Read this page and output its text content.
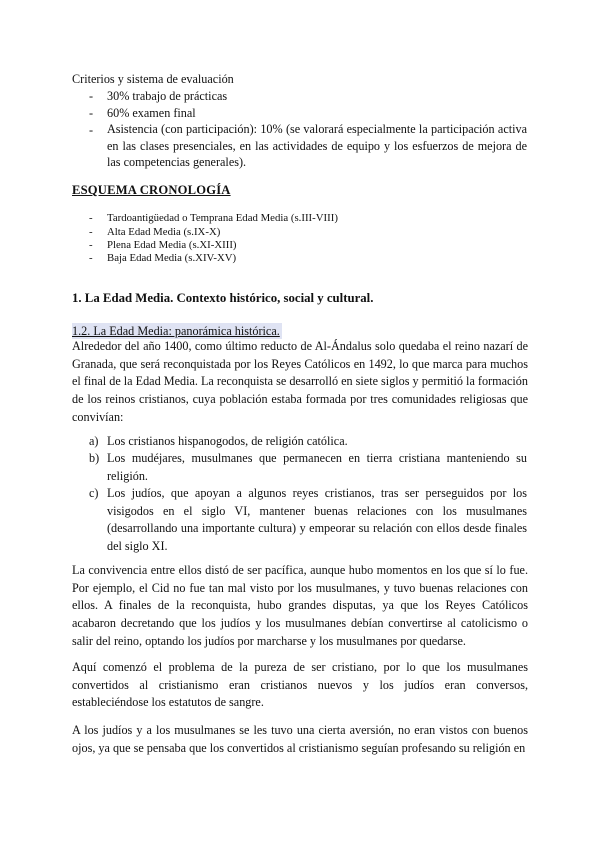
Criterios y sistema de evaluación

- 30% trabajo de prácticas

- 60% examen final

- Asistencia (con participación): 10% (se valorará especialmente la participación activa en las clases presenciales, en las actividades de equipo y los esfuerzos de mejora de las competencias generales).

ESQUEMA CRONOLOGÍA
- Tardoantigüedad o Temprana Edad Media (s.III-VIII)

- Alta Edad Media (s.IX-X)

- Plena Edad Media (s.XI-XIII)

- Baja Edad Media (s.XIV-XV)

1. La Edad Media. Contexto histórico, social y cultural.
1.2. La Edad Media: panorámica histórica.

Alrededor del año 1400, como último reducto de Al-Ándalus solo quedaba el reino nazarí de Granada, que será reconquistada por los Reyes Católicos en 1492, lo que marca para muchos el final de la Edad Media. La reconquista se desarrolló en siete siglos y permitió la formación de los reinos cristianos, cuya población estaba formada por tres comunidades religiosas que convivían:

a) Los cristianos hispanogodos, de religión católica.

b) Los mudéjares, musulmanes que permanecen en tierra cristiana manteniendo su religión.

c) Los judíos, que apoyan a algunos reyes cristianos, tras ser perseguidos por los visigodos en el siglo VI, mantener buenas relaciones con los musulmanes (desarrollando una importante cultura) y empeorar su relación con ellos desde finales del siglo XI.

La convivencia entre ellos distó de ser pacífica, aunque hubo momentos en los que sí lo fue. Por ejemplo, el Cid no fue tan mal visto por los musulmanes, y tuvo buenas relaciones con ellos. A finales de la reconquista, hubo grandes disputas, ya que los Reyes Católicos acabaron decretando que los judíos y los musulmanes debían convertirse al catolicismo o salir del reino, optando los judíos por marcharse y los musulmanes por quedarse.

Aquí comenzó el problema de la pureza de ser cristiano, por lo que los musulmanes convertidos al cristianismo eran cristianos nuevos y los judíos eran conversos, estableciéndose los estatutos de sangre.

A los judíos y a los musulmanes se les tuvo una cierta aversión, no eran vistos con buenos ojos, ya que se pensaba que los convertidos al cristianismo seguían profesando su religión en
